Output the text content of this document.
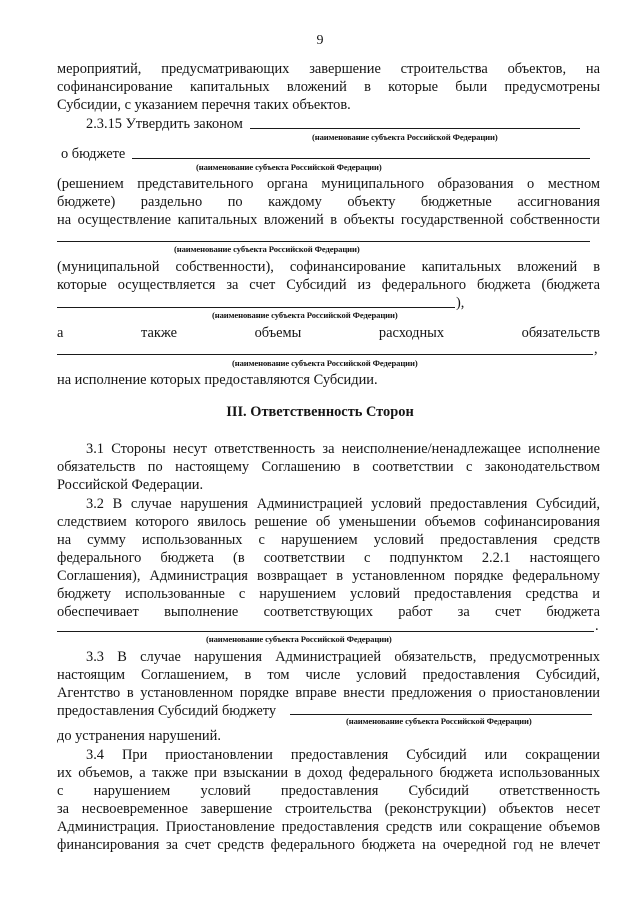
9
мероприятий, предусматривающих завершение строительства объектов, на
софинансирование капитальных вложений в которые были предусмотрены
Субсидии, с указанием перечня таких объектов.
2.3.15 Утвердить законом
(наименование субъекта Российской Федерации)
о бюджете
(наименование субъекта Российской Федерации)
(решением представительного органа муниципального образования о местном
бюджете) раздельно по каждому объекту бюджетные ассигнования
на осуществление капитальных вложений в объекты государственной собственности
(наименование субъекта Российской Федерации)
(муниципальной собственности), софинансирование капитальных вложений в
которые осуществляется за счет Субсидий из федерального бюджета (бюджета
),
(наименование субъекта Российской Федерации)
а	также	объемы	расходных	обязательств
,
(наименование субъекта Российской Федерации)
на исполнение которых предоставляются Субсидии.
III. Ответственность Сторон
3.1 Стороны несут ответственность за неисполнение/ненадлежащее исполнение
обязательств по настоящему Соглашению в соответствии с законодательством
Российской Федерации.
3.2 В случае нарушения Администрацией условий предоставления Субсидий,
следствием которого явилось решение об уменьшении объемов софинансирования
на сумму использованных с нарушением условий предоставления средств
федерального бюджета (в соответствии с подпунктом 2.2.1 настоящего
Соглашения), Администрация возвращает в установленном порядке федеральному
бюджету использованные с нарушением условий предоставления средства и
обеспечивает выполнение соответствующих работ за счет бюджета
.
(наименование субъекта Российской Федерации)
3.3 В случае нарушения Администрацией обязательств, предусмотренных
настоящим Соглашением, в том числе условий предоставления Субсидий,
Агентство в установленном порядке вправе внести предложения о приостановлении
предоставления Субсидий бюджету
(наименование субъекта Российской Федерации)
до устранения нарушений.
3.4 При приостановлении предоставления Субсидий или сокращении
их объемов, а также при взыскании в доход федерального бюджета использованных
с нарушением условий предоставления Субсидий ответственность
за несвоевременное завершение строительства (реконструкции) объектов несет
Администрация. Приостановление предоставления средств или сокращение объемов
финансирования за счет средств федерального бюджета на очередной год не влечет
